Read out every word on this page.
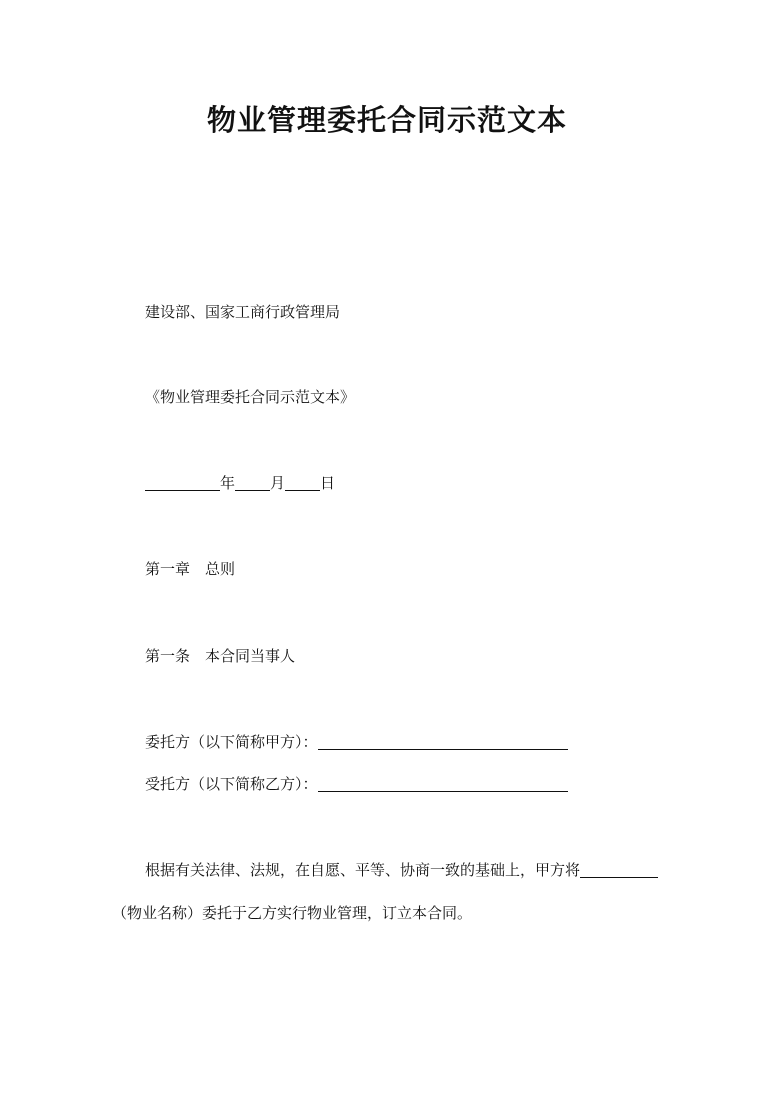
物业管理委托合同示范文本

建设部、国家工商行政管理局

《物业管理委托合同示范文本》

年 月 日

第一章 总则

第一条 本合同当事人

委托方（以下简称甲方）：

受托方（以下简称乙方）：

根据有关法律、法规，在自愿、平等、协商一致的基础上，甲方将

（物业名称）委托于乙方实行物业管理，订立本合同。
